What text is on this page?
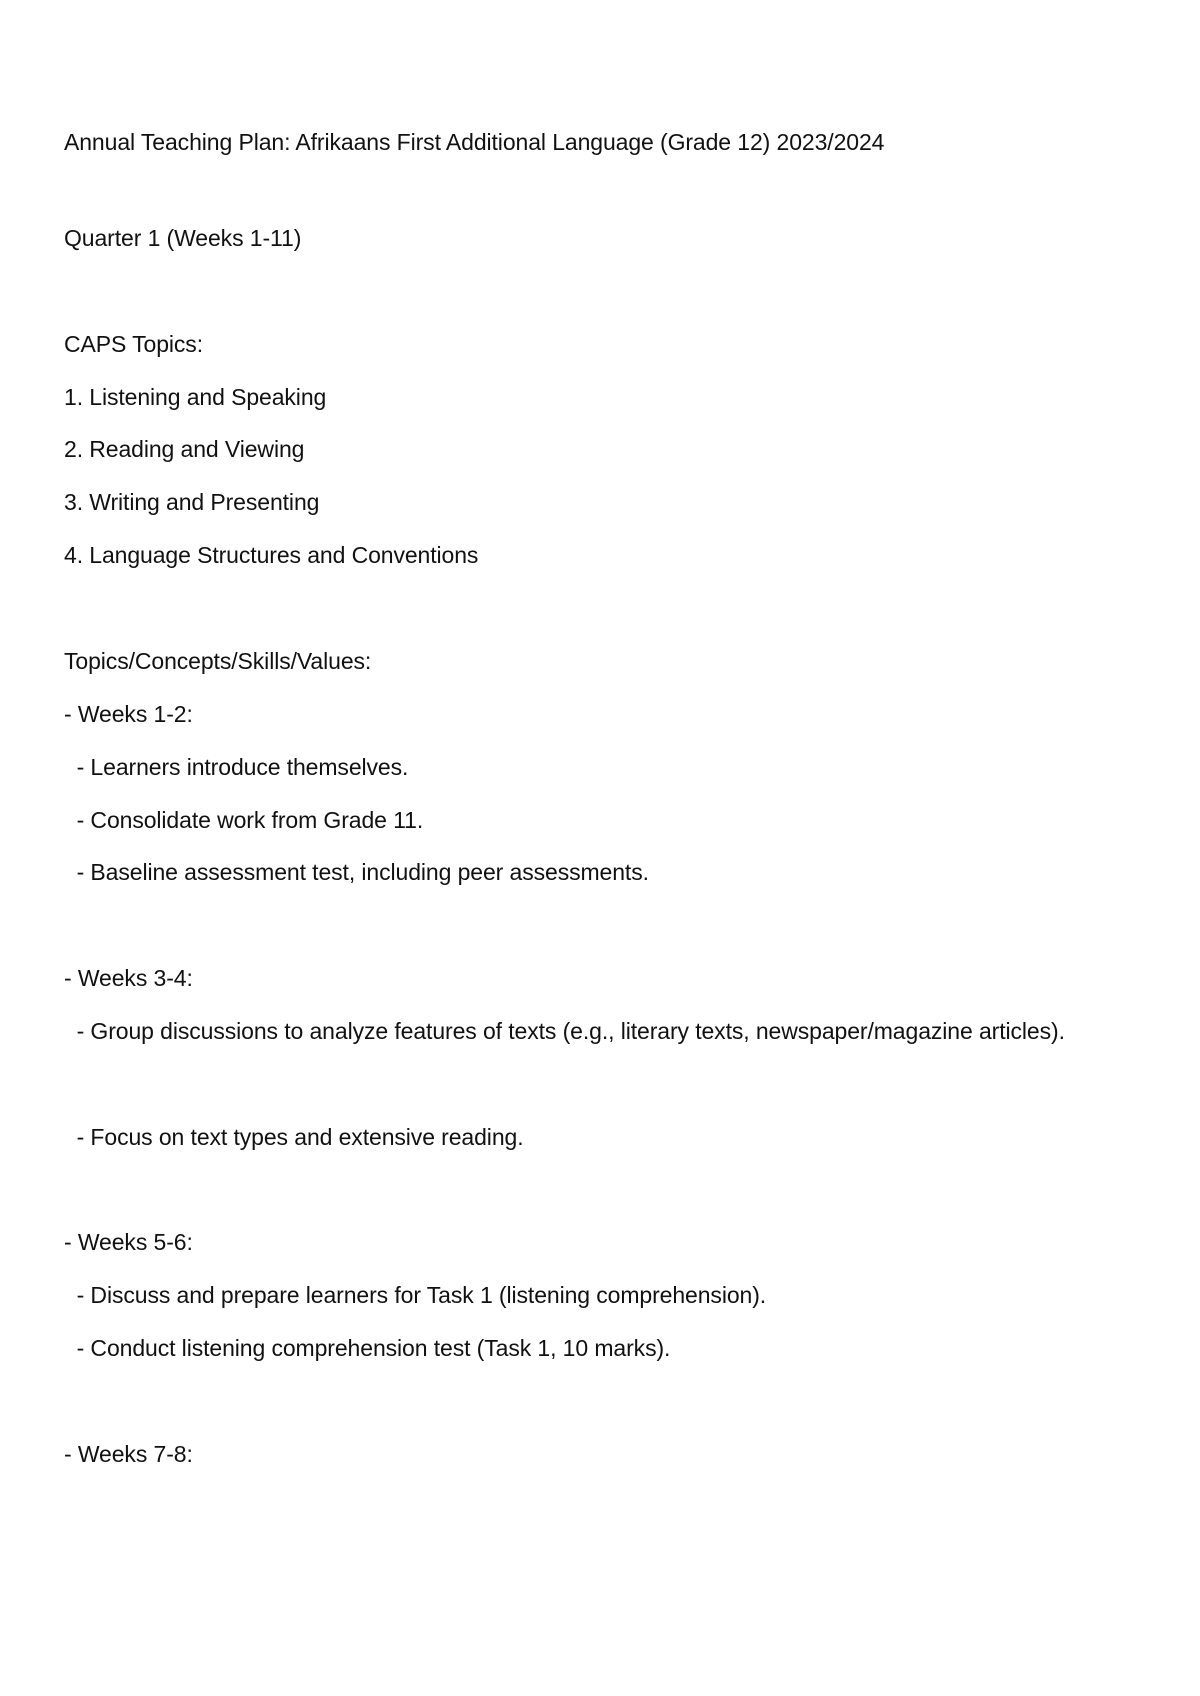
Annual Teaching Plan: Afrikaans First Additional Language (Grade 12) 2023/2024
Quarter 1 (Weeks 1-11)
CAPS Topics:
1. Listening and Speaking
2. Reading and Viewing
3. Writing and Presenting
4. Language Structures and Conventions
Topics/Concepts/Skills/Values:
- Weeks 1-2:
- Learners introduce themselves.
- Consolidate work from Grade 11.
- Baseline assessment test, including peer assessments.
- Weeks 3-4:
- Group discussions to analyze features of texts (e.g., literary texts, newspaper/magazine articles).
- Focus on text types and extensive reading.
- Weeks 5-6:
- Discuss and prepare learners for Task 1 (listening comprehension).
- Conduct listening comprehension test (Task 1, 10 marks).
- Weeks 7-8:
